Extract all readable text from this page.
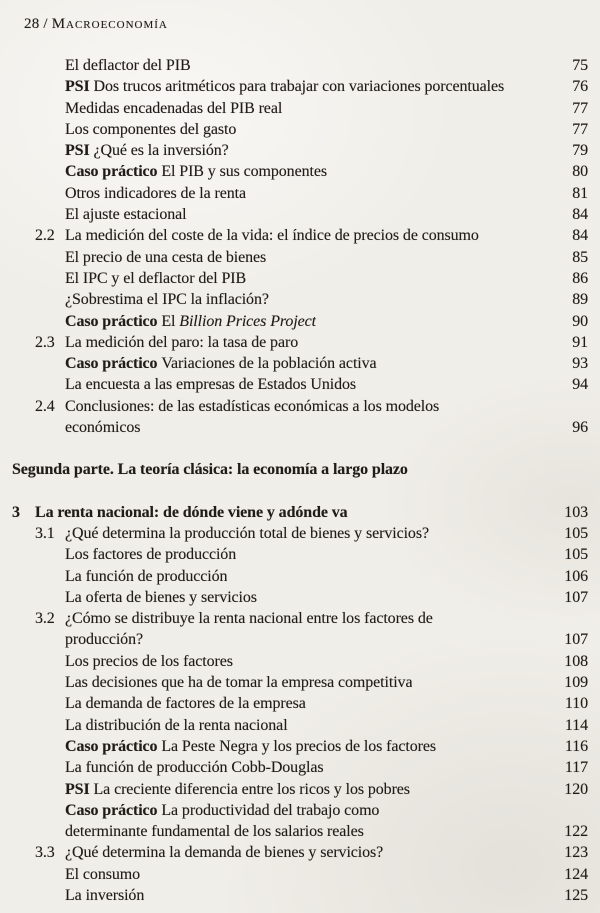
28 / Macroeconomía
El deflactor del PIB	75
PSI Dos trucos aritméticos para trabajar con variaciones porcentuales	76
Medidas encadenadas del PIB real	77
Los componentes del gasto	77
PSI ¿Qué es la inversión?	79
Caso práctico El PIB y sus componentes	80
Otros indicadores de la renta	81
El ajuste estacional	84
2.2 La medición del coste de la vida: el índice de precios de consumo	84
El precio de una cesta de bienes	85
El IPC y el deflactor del PIB	86
¿Sobrestima el IPC la inflación?	89
Caso práctico El Billion Prices Project	90
2.3 La medición del paro: la tasa de paro	91
Caso práctico Variaciones de la población activa	93
La encuesta a las empresas de Estados Unidos	94
2.4 Conclusiones: de las estadísticas económicas a los modelos
económicos	96
Segunda parte. La teoría clásica: la economía a largo plazo
3 La renta nacional: de dónde viene y adónde va	103
3.1 ¿Qué determina la producción total de bienes y servicios?	105
Los factores de producción	105
La función de producción	106
La oferta de bienes y servicios	107
3.2 ¿Cómo se distribuye la renta nacional entre los factores de
producción?	107
Los precios de los factores	108
Las decisiones que ha de tomar la empresa competitiva	109
La demanda de factores de la empresa	110
La distribución de la renta nacional	114
Caso práctico La Peste Negra y los precios de los factores	116
La función de producción Cobb-Douglas	117
PSI La creciente diferencia entre los ricos y los pobres	120
Caso práctico La productividad del trabajo como
determinante fundamental de los salarios reales	122
3.3 ¿Qué determina la demanda de bienes y servicios?	123
El consumo	124
La inversión	125
